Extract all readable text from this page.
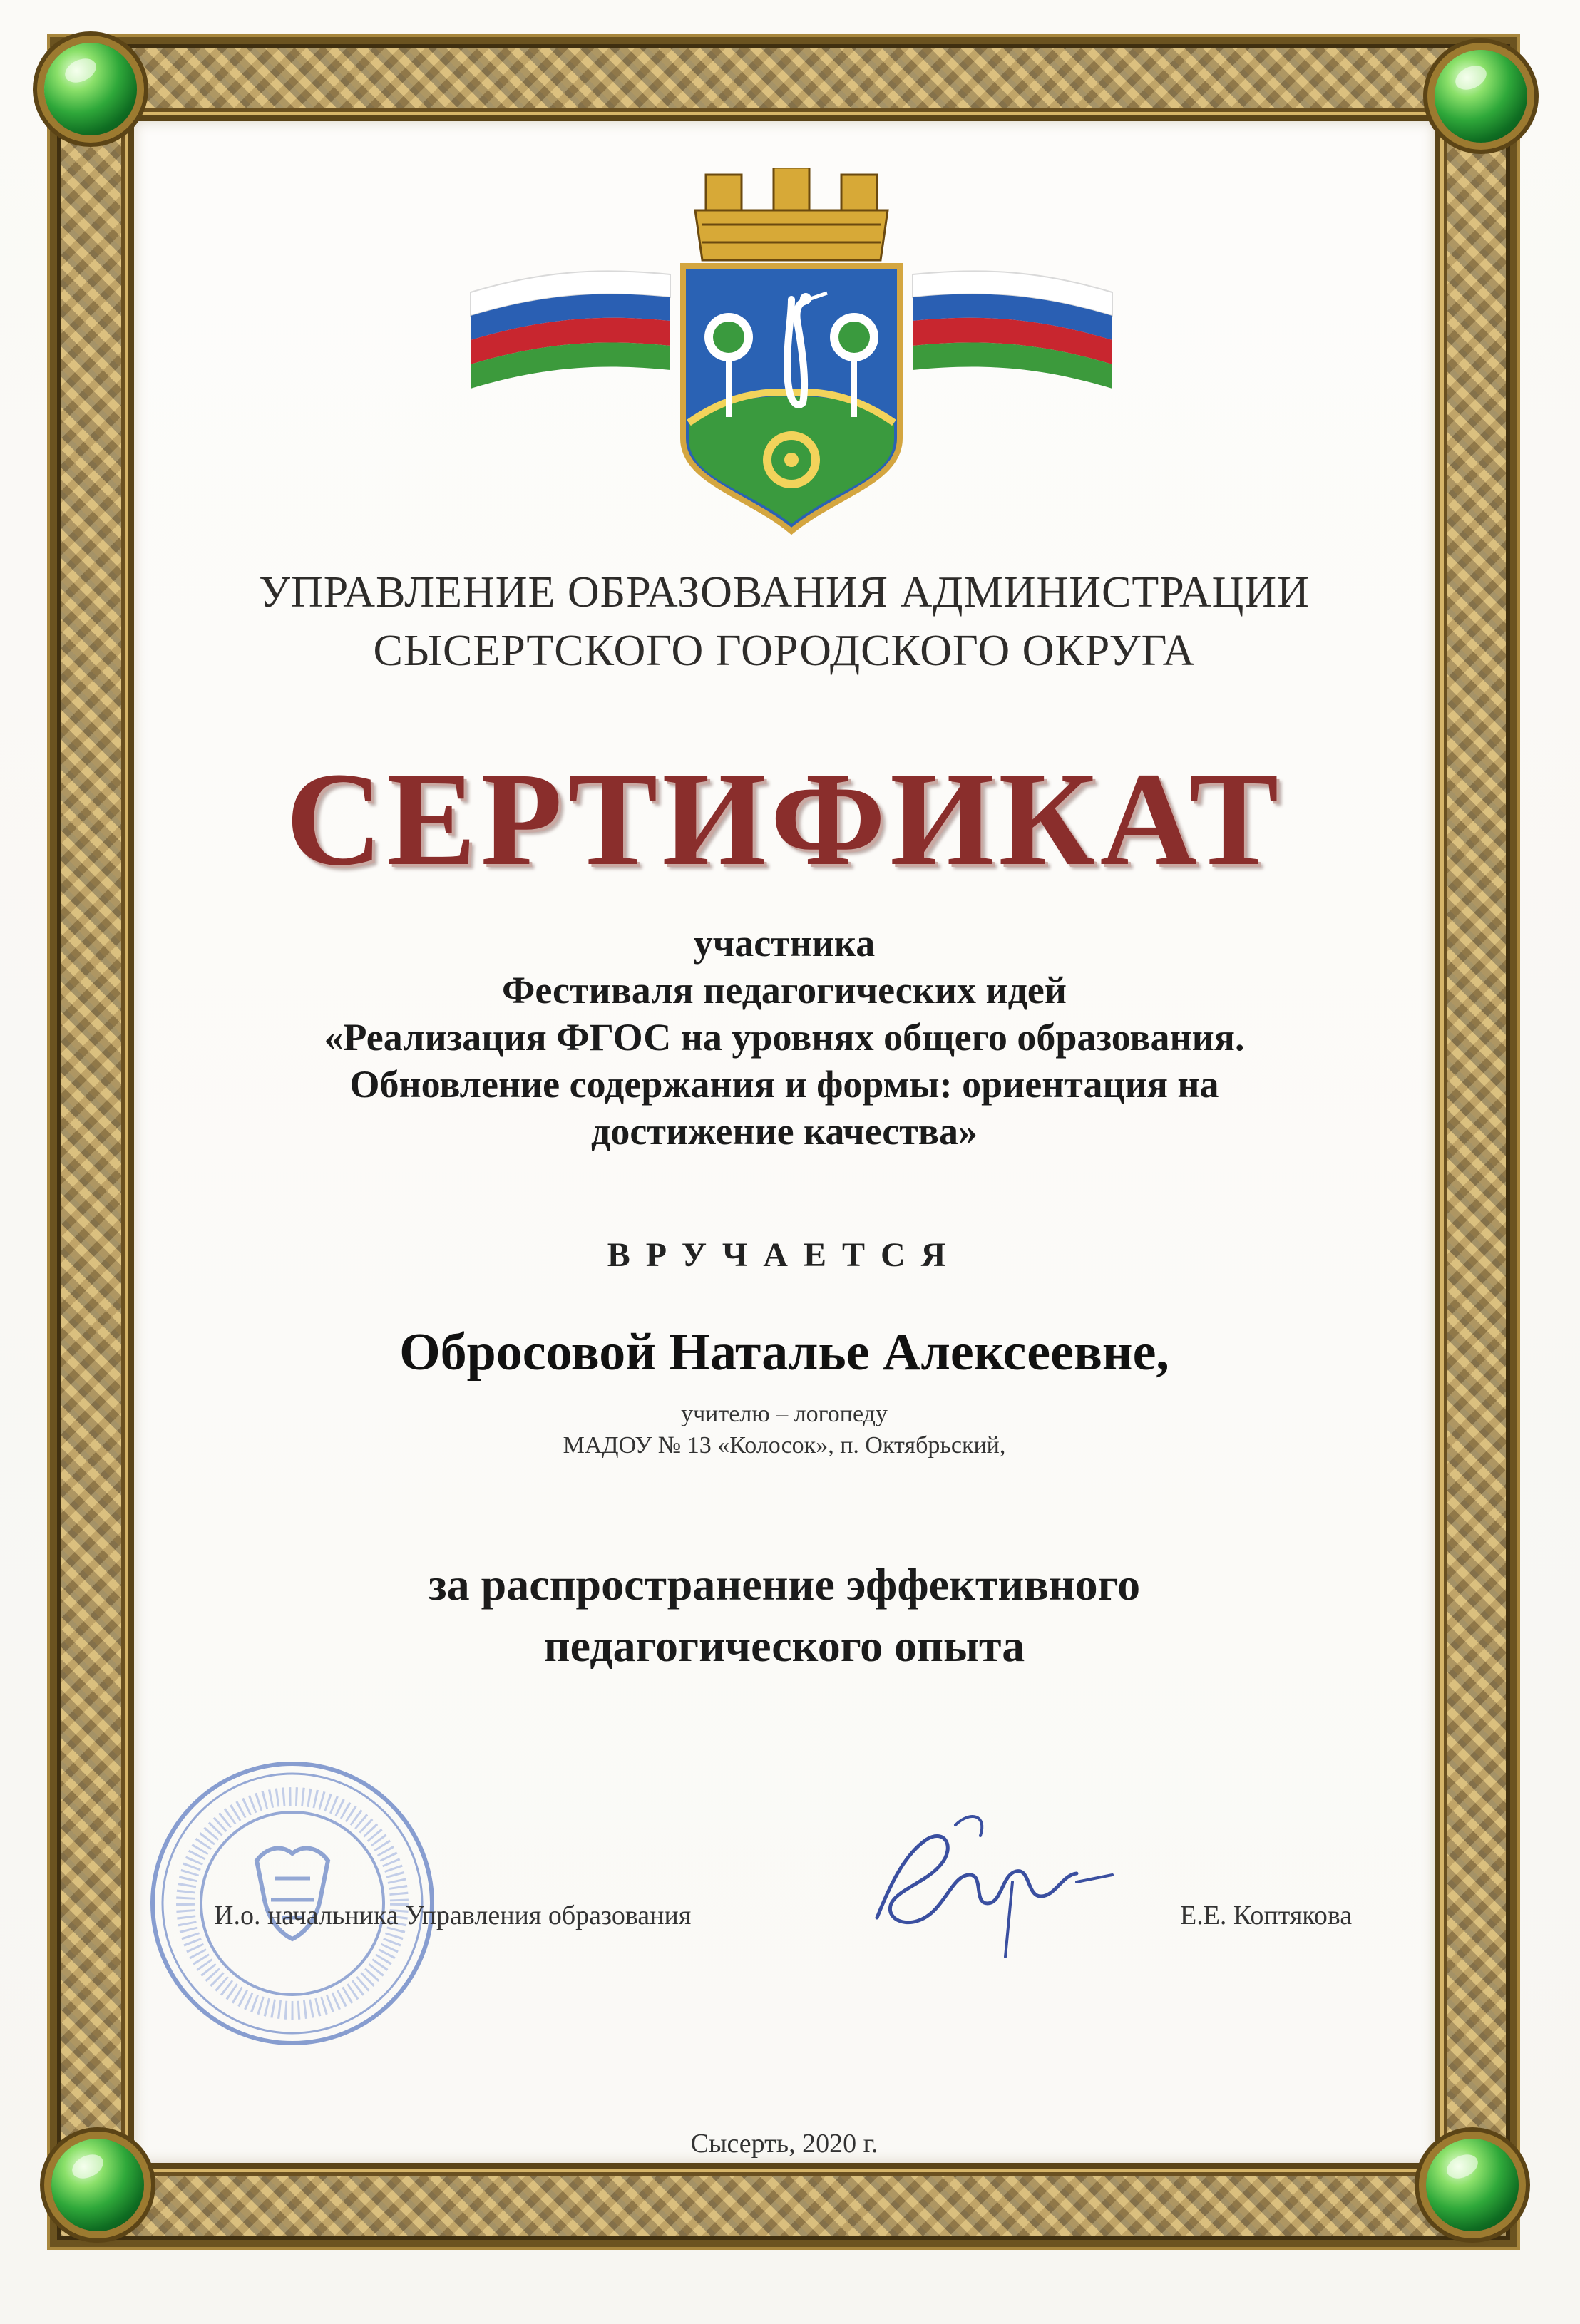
УПРАВЛЕНИЕ ОБРАЗОВАНИЯ АДМИНИСТРАЦИИ
СЫСЕРТСКОГО ГОРОДСКОГО ОКРУГА
СЕРТИФИКАТ
участника
Фестиваля педагогических идей
«Реализация ФГОС на уровнях общего образования.
Обновление содержания и формы: ориентация на
достижение качества»
ВРУЧАЕТСЯ
Обросовой Наталье Алексеевне,
учителю – логопеду
МАДОУ № 13 «Колосок», п. Октябрьский,
за распространение эффективного
педагогического опыта
И.о. начальника Управления образования	Е.Е. Коптякова
Сысерть, 2020 г.
